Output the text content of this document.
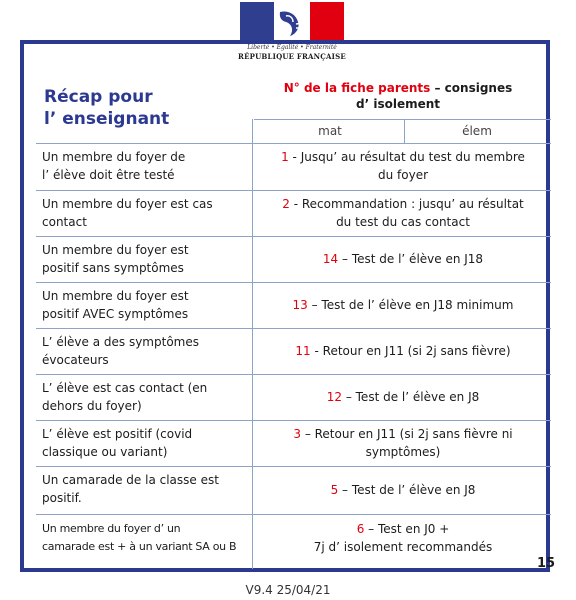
Liberté • Égalité • Fraternité
RÉPUBLIQUE FRANÇAISE
Récap pour
l’ enseignant
N° de la fiche parents – consignes
d’ isolement
mat	élem
Un membre du foyer de
l’ élève doit être testé
1 - Jusqu’ au résultat du test du membre
du foyer
Un membre du foyer est cas
contact
2 - Recommandation : jusqu’ au résultat
du test du cas contact
Un membre du foyer est
positif sans symptômes
14 – Test de l’ élève en J18
Un membre du foyer est
positif AVEC symptômes
13 – Test de l’ élève en J18 minimum
L’ élève a des symptômes
évocateurs
11 - Retour en J11 (si 2j sans fièvre)
L’ élève est cas contact (en
dehors du foyer)
12 – Test de l’ élève en J8
L’ élève est positif (covid
classique ou variant)
3 – Retour en J11 (si 2j sans fièvre ni
symptômes)
Un camarade de la classe est
positif.
5 – Test de l’ élève en J8
Un membre du foyer d’ un
camarade est + à un variant SA ou B
6 – Test en J0 +
7j d’ isolement recommandés
15
V9.4 25/04/21
